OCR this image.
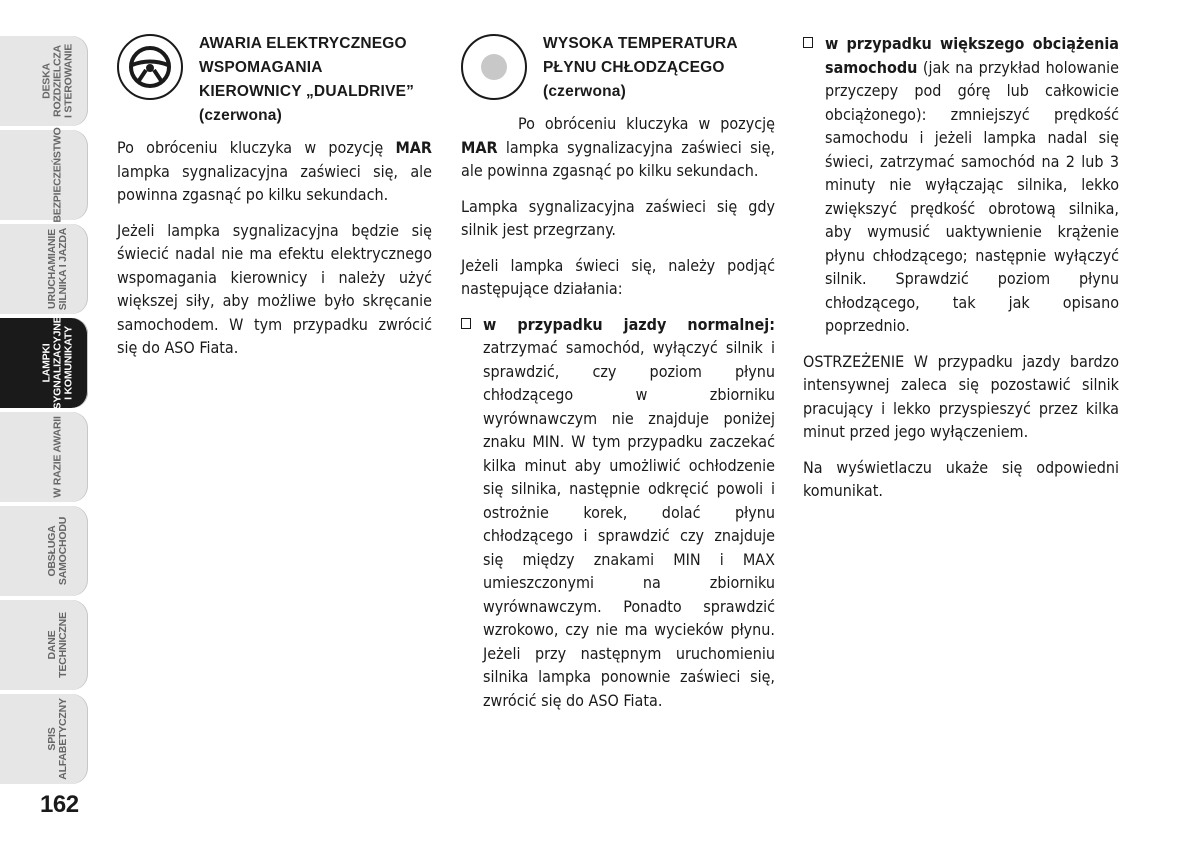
DESKA
ROZDZIELCZA
I STEROWANIE
BEZPIECZEŃSTWO
URUCHAMIANIE
SILNIKA I JAZDA
LAMPKI
SYGNALIZACYJNE
I KOMUNIKATY
W RAZIE AWARII
OBSŁUGA
SAMOCHODU
DANE
TECHNICZNE
SPIS
ALFABETYCZNY
162
AWARIA ELEKTRYCZNEGO
WSPOMAGANIA
KIEROWNICY „DUALDRIVE”
(czerwona)

Po obróceniu kluczyka w pozycję MAR lampka sygnalizacyjna zaświeci się, ale powinna zgasnąć po kilku sekundach.

Jeżeli lampka sygnalizacyjna będzie się świecić nadal nie ma efektu elektrycznego wspomagania kierownicy i należy użyć większej siły, aby możliwe było skręcanie samochodem. W tym przypadku zwrócić się do ASO Fiata.

WYSOKA TEMPERATURA
PŁYNU CHŁODZĄCEGO
(czerwona)

Po obróceniu kluczyka w pozycję MAR lampka sygnalizacyjna zaświeci się, ale powinna zgasnąć po kilku sekundach.

Lampka sygnalizacyjna zaświeci się gdy silnik jest przegrzany.

Jeżeli lampka świeci się, należy podjąć następujące działania:

w przypadku jazdy normalnej: zatrzymać samochód, wyłączyć silnik i sprawdzić, czy poziom płynu chłodzącego w zbiorniku wyrównawczym nie znajduje poniżej znaku MIN. W tym przypadku zaczekać kilka minut aby umożliwić ochłodzenie się silnika, następnie odkręcić powoli i ostrożnie korek, dolać płynu chłodzącego i sprawdzić czy znajduje się między znakami MIN i MAX umieszczonymi na zbiorniku wyrównawczym. Ponadto sprawdzić wzrokowo, czy nie ma wycieków płynu. Jeżeli przy następnym uruchomieniu silnika lampka ponownie zaświeci się, zwrócić się do ASO Fiata.

w przypadku większego obciążenia samochodu (jak na przykład holowanie przyczepy pod górę lub całkowicie obciążonego): zmniejszyć prędkość samochodu i jeżeli lampka nadal się świeci, zatrzymać samochód na 2 lub 3 minuty nie wyłączając silnika, lekko zwiększyć prędkość obrotową silnika, aby wymusić uaktywnienie krążenie płynu chłodzącego; następnie wyłączyć silnik. Sprawdzić poziom płynu chłodzącego, tak jak opisano poprzednio.

OSTRZEŻENIE W przypadku jazdy bardzo intensywnej zaleca się pozostawić silnik pracujący i lekko przyspieszyć przez kilka minut przed jego wyłączeniem.

Na wyświetlaczu ukaże się odpowiedni komunikat.
